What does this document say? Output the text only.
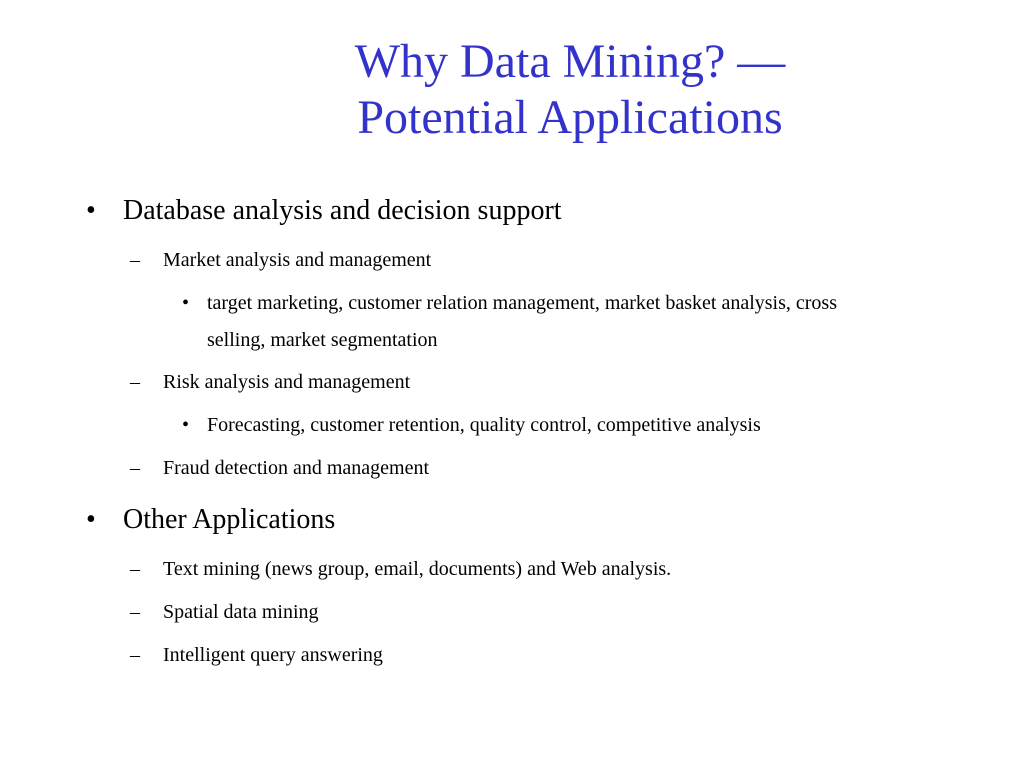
Why Data Mining? —
Potential Applications
• Database analysis and decision support
– Market analysis and management
• target marketing, customer relation management, market basket analysis, cross selling, market segmentation
– Risk analysis and management
• Forecasting, customer retention, quality control, competitive analysis
– Fraud detection and management
• Other Applications
– Text mining (news group, email, documents) and Web analysis.
– Spatial data mining
– Intelligent query answering
